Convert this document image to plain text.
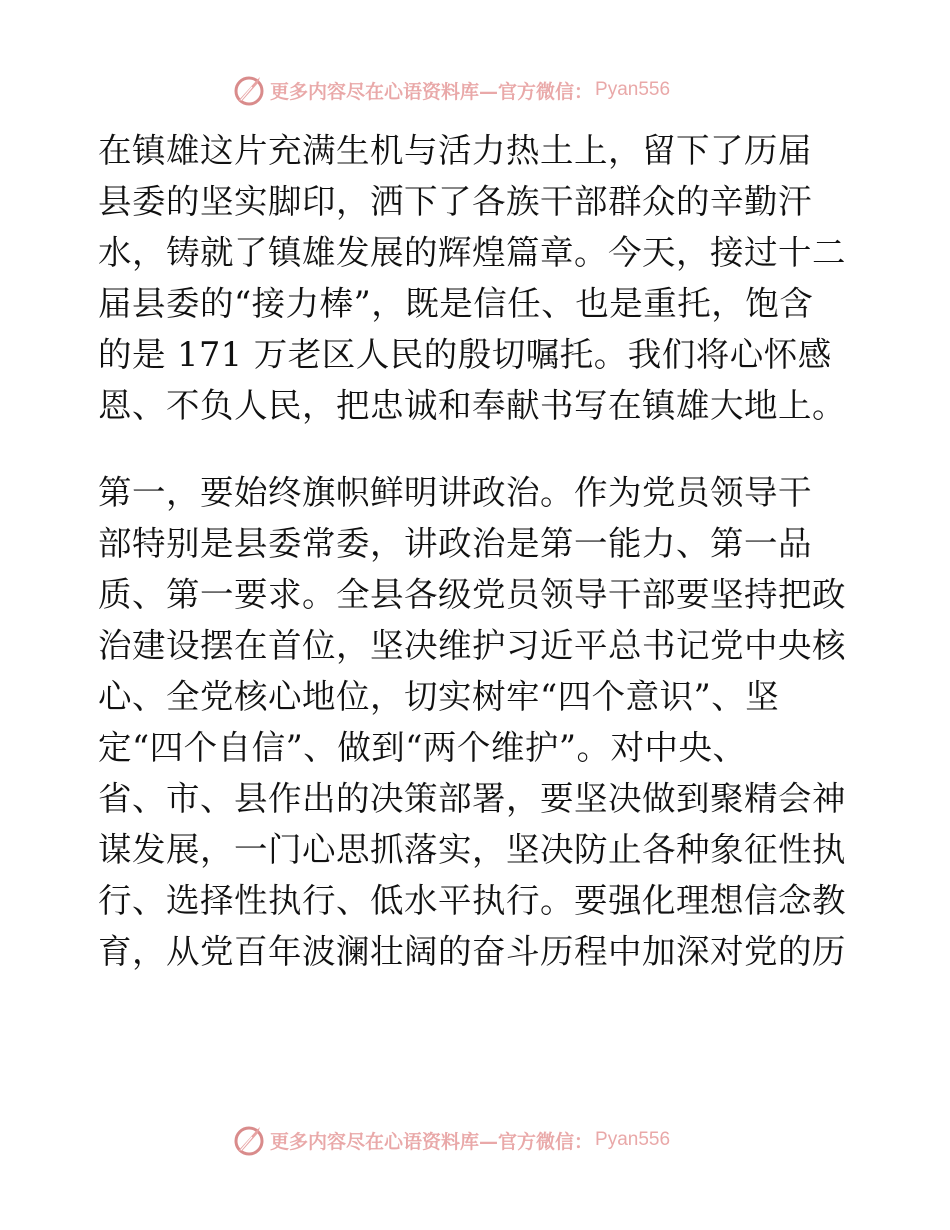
更多内容尽在心语资料库—官方微信： Pyan556
在镇雄这片充满生机与活力热土上，留下了历届
县委的坚实脚印，洒下了各族干部群众的辛勤汗
水，铸就了镇雄发展的辉煌篇章。今天，接过十二
届县委的“接力棒”，既是信任、也是重托，饱含
的是 171 万老区人民的殷切嘱托。我们将心怀感
恩、不负人民，把忠诚和奉献书写在镇雄大地上。
第一，要始终旗帜鲜明讲政治。作为党员领导干
部特别是县委常委，讲政治是第一能力、第一品
质、第一要求。全县各级党员领导干部要坚持把政
治建设摆在首位，坚决维护习近平总书记党中央核
心、全党核心地位，切实树牢“四个意识”、坚
定“四个自信”、做到“两个维护”。对中央、
省、市、县作出的决策部署，要坚决做到聚精会神
谋发展，一门心思抓落实，坚决防止各种象征性执
行、选择性执行、低水平执行。要强化理想信念教
育，从党百年波澜壮阔的奋斗历程中加深对党的历
更多内容尽在心语资料库—官方微信： Pyan556
